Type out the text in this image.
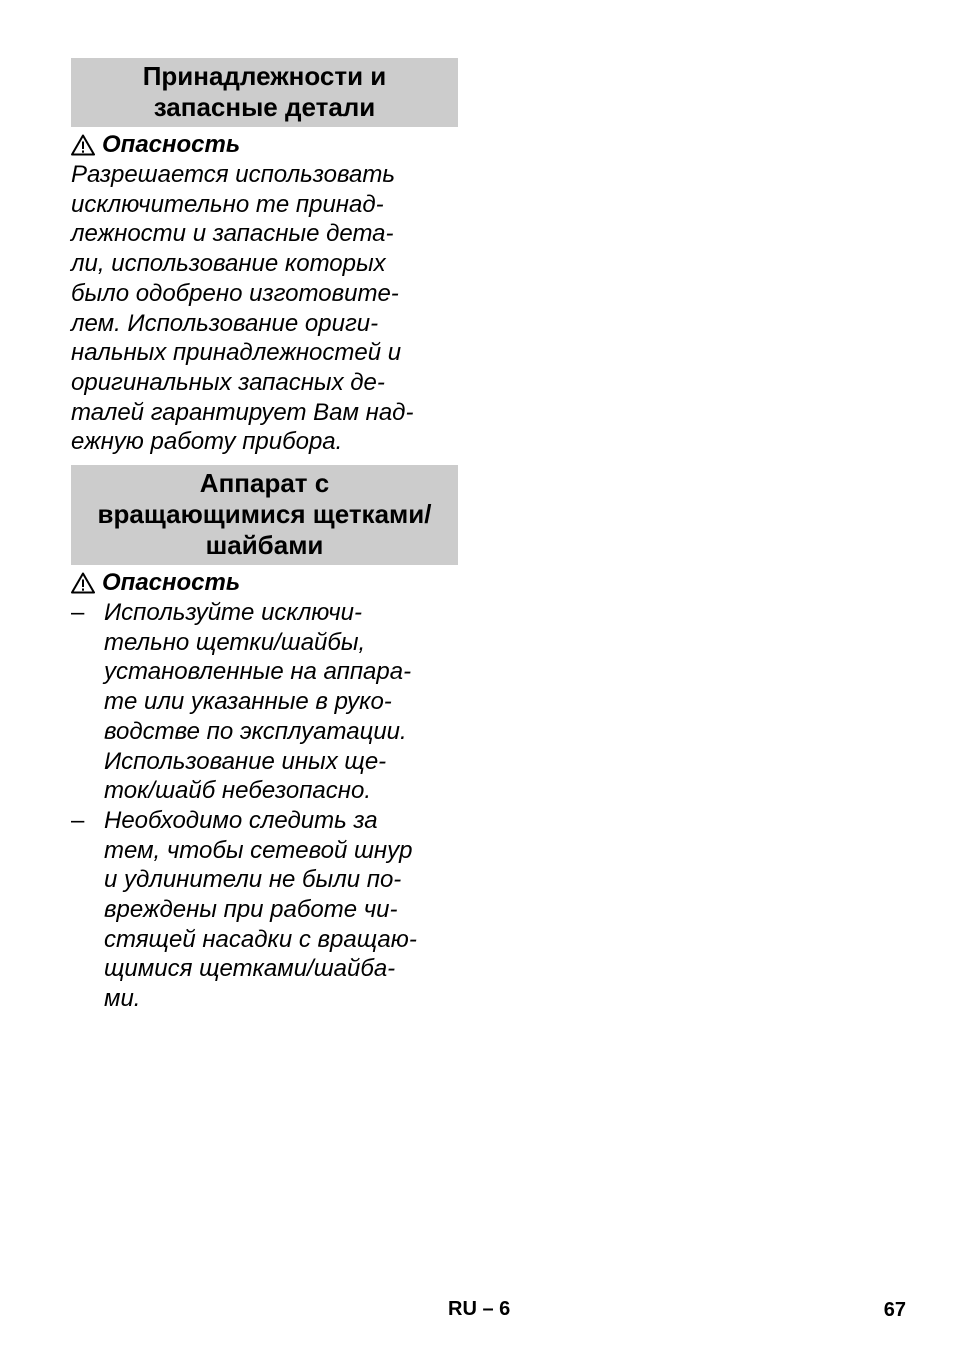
Принадлежности и
запасные детали
Опасность
Разрешается использовать
исключительно те принад-
лежности и запасные дета-
ли, использование которых
было одобрено изготовите-
лем. Использование ориги-
нальных принадлежностей и
оригинальных запасных де-
талей гарантирует Вам над-
ежную работу прибора.
Аппарат с
вращающимися щетками/
шайбами
Опасность
– Используйте исключи-
тельно щетки/шайбы,
установленные на аппара-
те или указанные в руко-
водстве по эксплуатации.
Использование иных ще-
ток/шайб небезопасно.
– Необходимо следить за
тем, чтобы сетевой шнур
и удлинители не были по-
вреждены при работе чи-
стящей насадки с вращаю-
щимися щетками/шайба-
ми.
RU – 6	67
